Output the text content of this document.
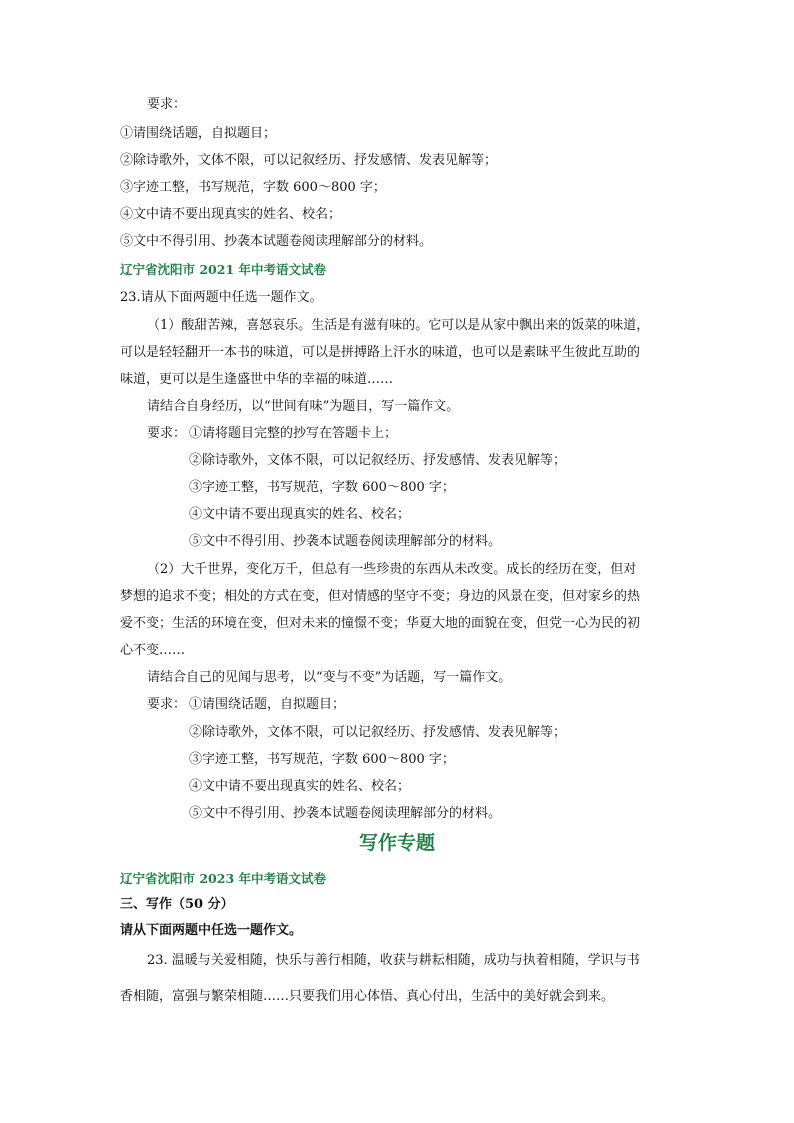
要求：
①请围绕话题，自拟题目；
②除诗歌外，文体不限，可以记叙经历、抒发感情、发表见解等；
③字迹工整，书写规范，字数 600～800 字；
④文中请不要出现真实的姓名、校名；
⑤文中不得引用、抄袭本试题卷阅读理解部分的材料。
辽宁省沈阳市 2021 年中考语文试卷
23.请从下面两题中任选一题作文。
（1）酸甜苦辣，喜怒哀乐。生活是有滋有味的。它可以是从家中飘出来的饭菜的味道，
可以是轻轻翻开一本书的味道，可以是拼搏路上汗水的味道，也可以是素昧平生彼此互助的
味道，更可以是生逢盛世中华的幸福的味道……
请结合自身经历，以“世间有味”为题目，写一篇作文。
要求： ①请将题目完整的抄写在答题卡上；
②除诗歌外，文体不限，可以记叙经历、抒发感情、发表见解等；
③字迹工整，书写规范，字数 600～800 字；
④文中请不要出现真实的姓名、校名；
⑤文中不得引用、抄袭本试题卷阅读理解部分的材料。
（2）大千世界，变化万千，但总有一些珍贵的东西从未改变。成长的经历在变，但对
梦想的追求不变；相处的方式在变，但对情感的坚守不变；身边的风景在变，但对家乡的热
爱不变；生活的环境在变，但对未来的憧憬不变；华夏大地的面貌在变，但党一心为民的初
心不变……
请结合自己的见闻与思考，以“变与不变”为话题，写一篇作文。
要求： ①请围绕话题，自拟题目；
②除诗歌外，文体不限，可以记叙经历、抒发感情、发表见解等；
③字迹工整，书写规范，字数 600～800 字；
④文中请不要出现真实的姓名、校名；
⑤文中不得引用、抄袭本试题卷阅读理解部分的材料。
写作专题
辽宁省沈阳市 2023 年中考语文试卷
三、写作（50 分）
请从下面两题中任选一题作文。
23. 温暖与关爱相随，快乐与善行相随，收获与耕耘相随，成功与执着相随，学识与书
香相随，富强与繁荣相随……只要我们用心体悟、真心付出，生活中的美好就会到来。
